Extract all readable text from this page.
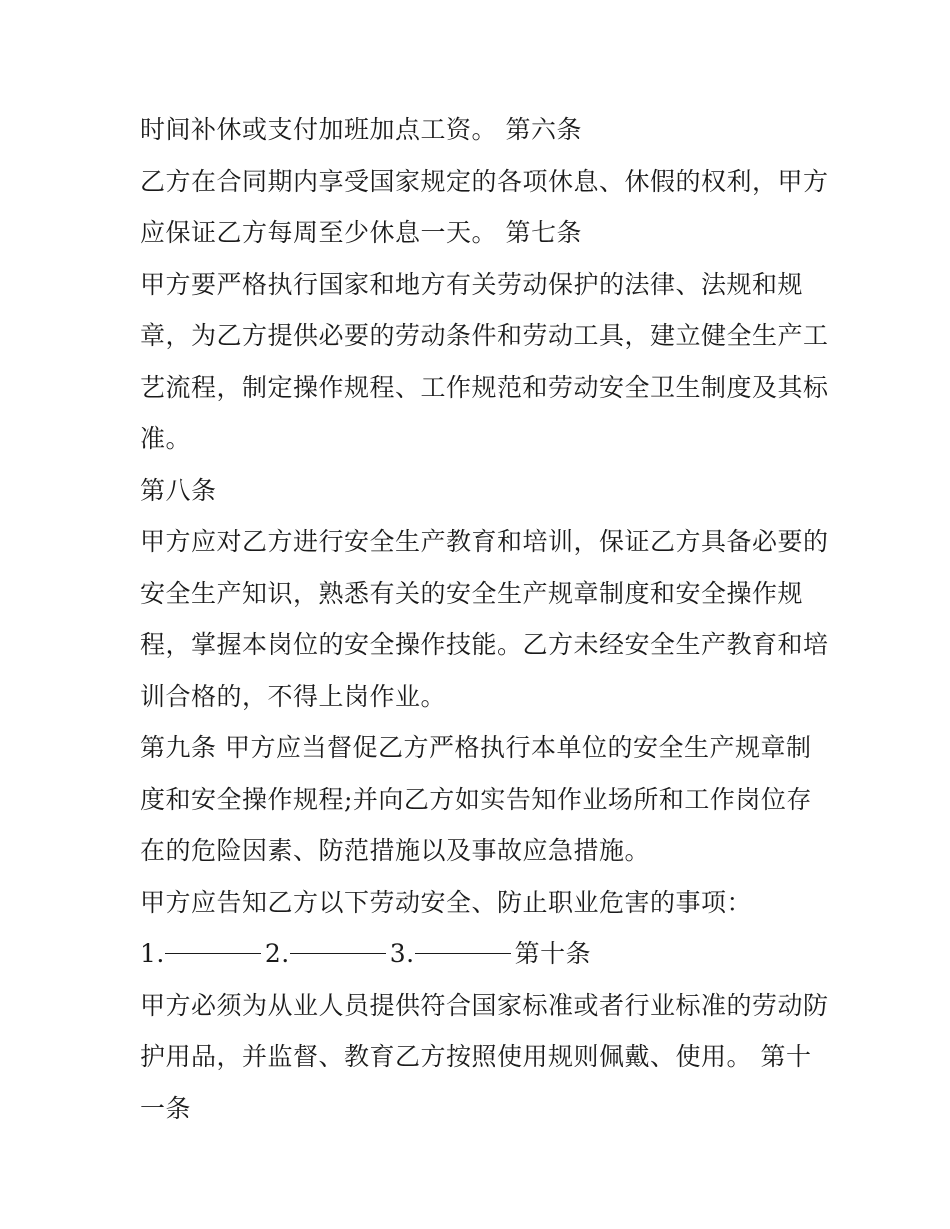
时间补休或支付加班加点工资。 第六条
乙方在合同期内享受国家规定的各项休息、休假的权利，甲方
应保证乙方每周至少休息一天。 第七条
甲方要严格执行国家和地方有关劳动保护的法律、法规和规
章，为乙方提供必要的劳动条件和劳动工具，建立健全生产工
艺流程，制定操作规程、工作规范和劳动安全卫生制度及其标
准。
第八条
甲方应对乙方进行安全生产教育和培训，保证乙方具备必要的
安全生产知识，熟悉有关的安全生产规章制度和安全操作规
程，掌握本岗位的安全操作技能。乙方未经安全生产教育和培
训合格的，不得上岗作业。
第九条 甲方应当督促乙方严格执行本单位的安全生产规章制
度和安全操作规程;并向乙方如实告知作业场所和工作岗位存
在的危险因素、防范措施以及事故应急措施。
甲方应告知乙方以下劳动安全、防止职业危害的事项：
1.	2.	3.	第十条
甲方必须为从业人员提供符合国家标准或者行业标准的劳动防
护用品，并监督、教育乙方按照使用规则佩戴、使用。 第十
一条
